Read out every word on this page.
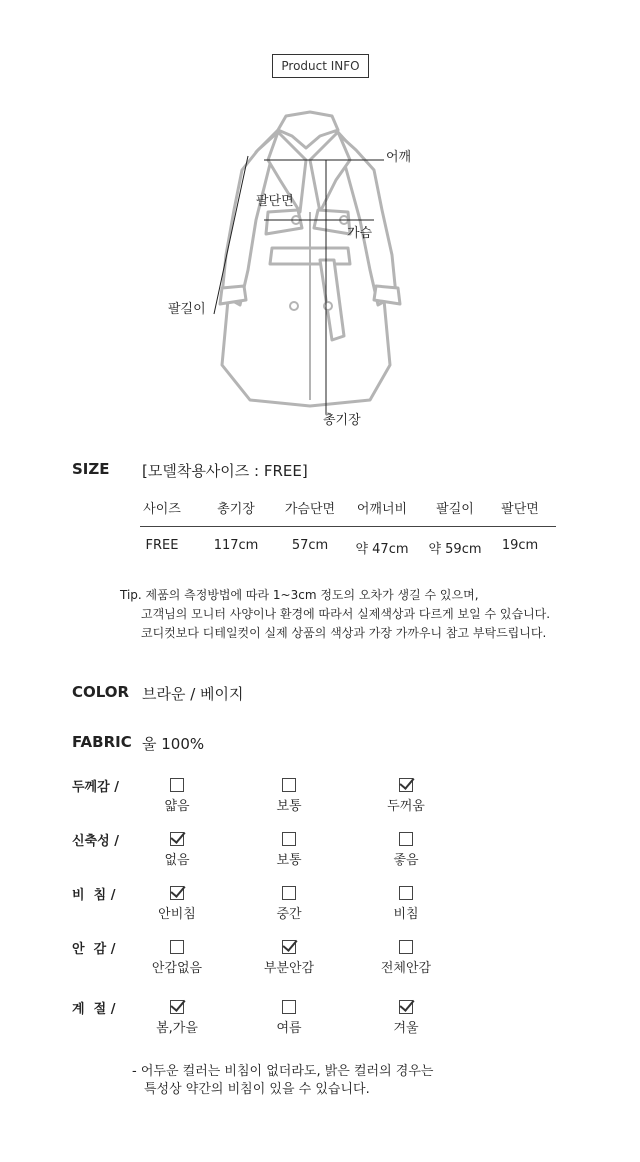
Product INFO
어깨
팔단면
가슴
팔길이
총기장
SIZE [모델착용사이즈 : FREE]
사이즈	총기장	가슴단면	어깨너비	팔길이	팔단면
FREE	117cm	57cm	약 47cm	약 59cm	19cm
Tip. 제품의 측정방법에 따라 1~3cm 정도의 오차가 생길 수 있으며,
고객님의 모니터 사양이나 환경에 따라서 실제색상과 다르게 보일 수 있습니다.
코디컷보다 디테일컷이 실제 상품의 색상과 가장 가까우니 참고 부탁드립니다.
COLOR 브라운 / 베이지
FABRIC 울 100%
두께감 /
얇음	보통	두꺼움
신축성 /
없음	보통	좋음
비  침 /
안비침	중간	비침
안  감 /
안감없음	부분안감	전체안감
계  절 /
봄,가을	여름	겨울
- 어두운 컬러는 비침이 없더라도, 밝은 컬러의 경우는
특성상 약간의 비침이 있을 수 있습니다.
